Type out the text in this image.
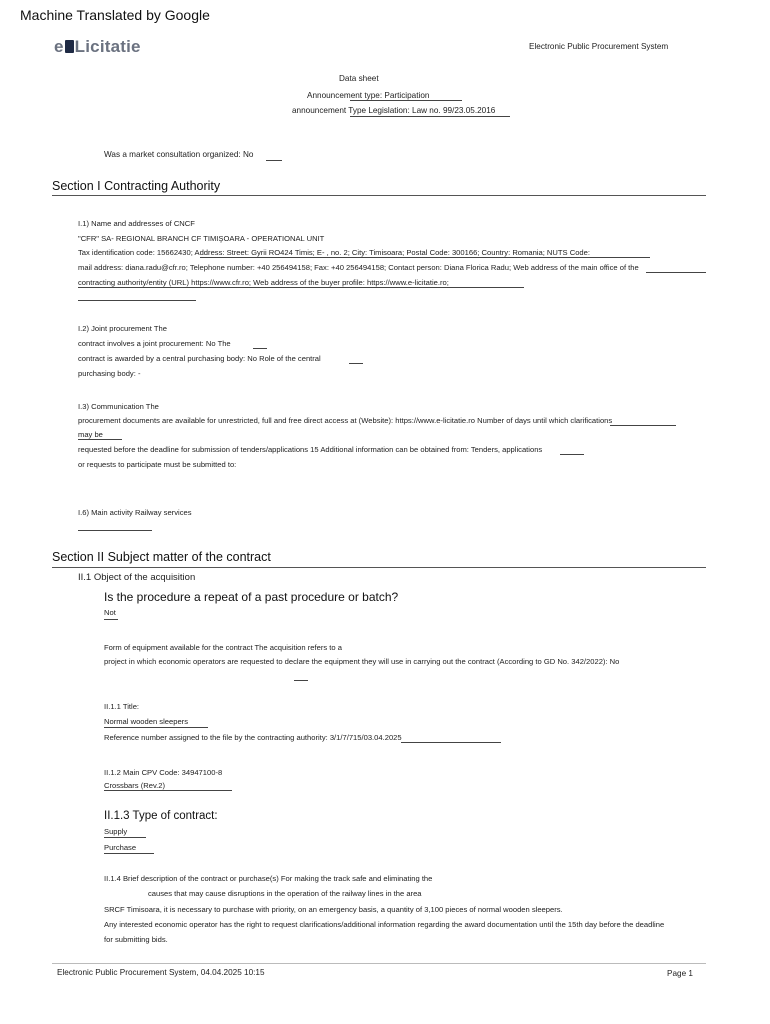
Machine Translated by Google
e Licitatie	Electronic Public Procurement System
Data sheet
Announcement type: Participation
announcement Type Legislation: Law no. 99/23.05.2016
Was a market consultation organized: No
Section I Contracting Authority
I.1) Name and addresses of CNCF
"CFR" SA- REGIONAL BRANCH CF TIMIŞOARA - OPERATIONAL UNIT
Tax identification code: 15662430; Address: Street: Gyrii RO424 Timis; E- , no. 2; City: Timisoara; Postal Code: 300166; Country: Romania; NUTS Code:
mail address: diana.radu@cfr.ro; Telephone number: +40 256494158; Fax: +40 256494158; Contact person: Diana Florica Radu; Web address of the main office of the
contracting authority/entity (URL) https://www.cfr.ro; Web address of the buyer profile: https://www.e-licitatie.ro;
I.2) Joint procurement The
contract involves a joint procurement: No The
contract is awarded by a central purchasing body: No Role of the central
purchasing body: -
I.3) Communication The
procurement documents are available for unrestricted, full and free direct access at (Website): https://www.e-licitatie.ro Number of days until which clarifications
may be
requested before the deadline for submission of tenders/applications 15 Additional information can be obtained from: Tenders, applications
or requests to participate must be submitted to:
I.6) Main activity Railway services
Section II Subject matter of the contract
II.1 Object of the acquisition
Is the procedure a repeat of a past procedure or batch?
Not
Form of equipment available for the contract The acquisition refers to a
project in which economic operators are requested to declare the equipment they will use in carrying out the contract (According to GD No. 342/2022): No
II.1.1 Title:
Normal wooden sleepers
Reference number assigned to the file by the contracting authority: 3/1/7/715/03.04.2025
II.1.2 Main CPV Code: 34947100-8
Crossbars (Rev.2)
II.1.3 Type of contract:
Supply
Purchase
II.1.4 Brief description of the contract or purchase(s) For making the track safe and eliminating the
causes that may cause disruptions in the operation of the railway lines in the area
SRCF Timisoara, it is necessary to purchase with priority, on an emergency basis, a quantity of 3,100 pieces of normal wooden sleepers.
Any interested economic operator has the right to request clarifications/additional information regarding the award documentation until the 15th day before the deadline
for submitting bids.
Electronic Public Procurement System, 04.04.2025 10:15	Page 1
